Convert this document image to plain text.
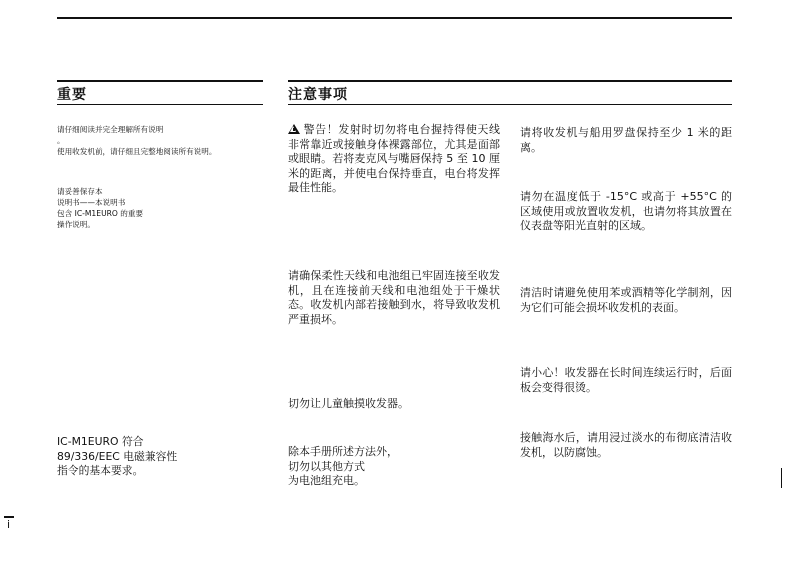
重要
请仔细阅读并完全理解所有说明
。
使用收发机前，请仔细且完整地阅读所有说明。
请妥善保存本
说明书——本说明书
包含 IC-M1EURO 的重要
操作说明。
IC-M1EURO 符合
89/336/EEC 电磁兼容性
指令的基本要求。
注意事项
警告！发射时切勿将电台握持得使天线非常靠近或接触身体裸露部位，尤其是面部或眼睛。若将麦克风与嘴唇保持 5 至 10 厘米的距离，并使电台保持垂直，电台将发挥最佳性能。
请确保柔性天线和电池组已牢固连接至收发机，且在连接前天线和电池组处于干燥状态。收发机内部若接触到水，将导致收发机严重损坏。
切勿让儿童触摸收发器。
除本手册所述方法外，
切勿以其他方式
为电池组充电。
请将收发机与船用罗盘保持至少 1 米的距离。
请勿在温度低于 -15°C 或高于 +55°C 的区域使用或放置收发机，也请勿将其放置在仪表盘等阳光直射的区域。
清洁时请避免使用苯或酒精等化学制剂，因为它们可能会损坏收发机的表面。
请小心！收发器在长时间连续运行时，后面板会变得很烫。
接触海水后，请用浸过淡水的布彻底清洁收发机，以防腐蚀。
i
